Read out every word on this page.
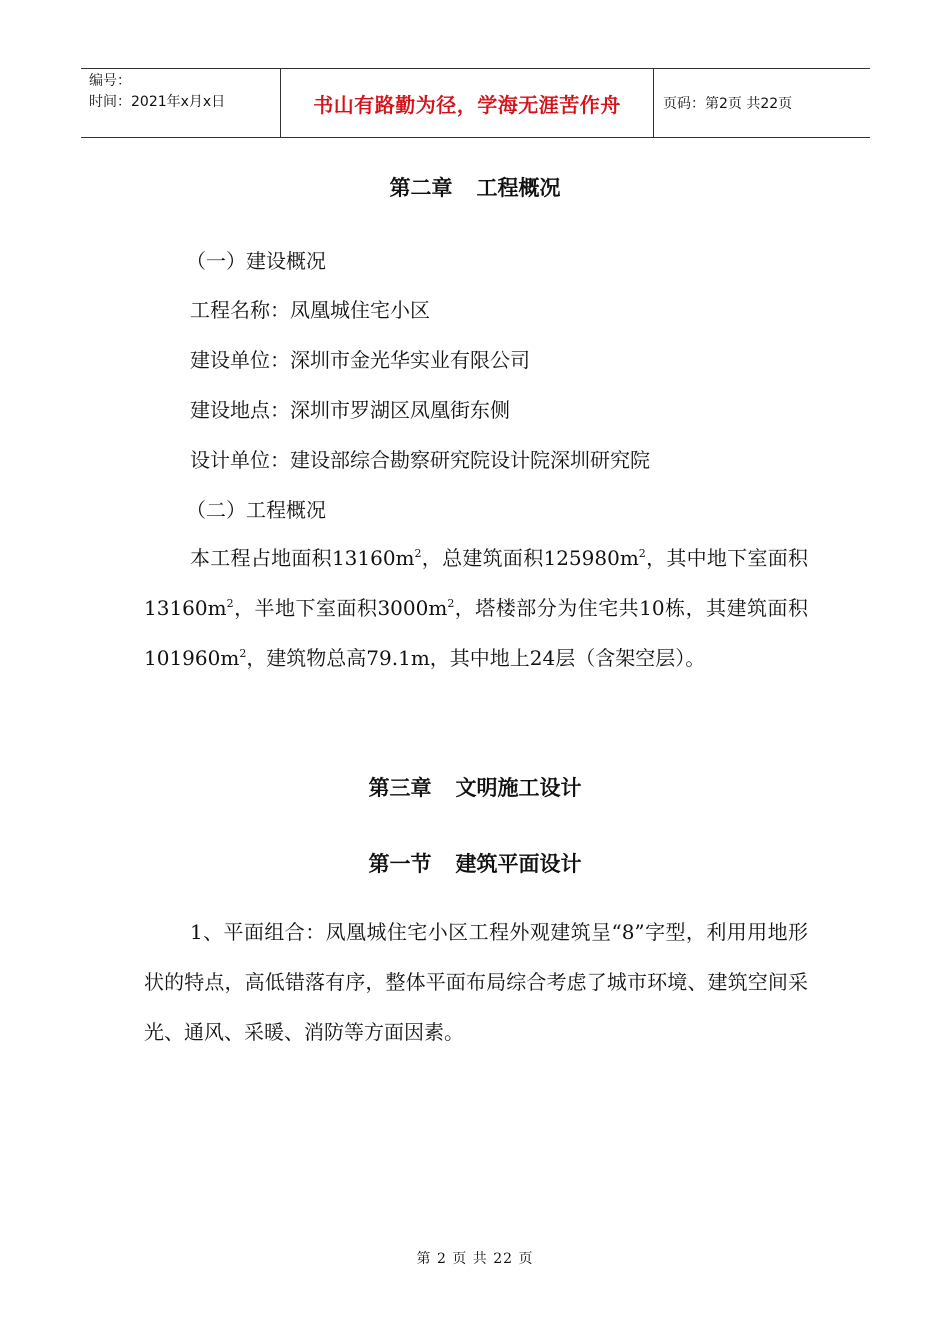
编号：
时间：2021年x月x日	书山有路勤为径，学海无涯苦作舟	页码：第2页 共22页
第二章 工程概况
（一）建设概况
工程名称：凤凰城住宅小区
建设单位：深圳市金光华实业有限公司
建设地点：深圳市罗湖区凤凰街东侧
设计单位：建设部综合勘察研究院设计院深圳研究院
（二）工程概况
本工程占地面积$13160m^2$，总建筑面积$125980m^2$，其中地下室面积$13160m^2$，半地下室面积$3000m^2$，塔楼部分为住宅共10栋，其建筑面积$101960m^2$，建筑物总高79.1m，其中地上24层（含架空层）。
第三章 文明施工设计
第一节 建筑平面设计
1、平面组合：凤凰城住宅小区工程外观建筑呈“8”字型，利用用地形状的特点，高低错落有序，整体平面布局综合考虑了城市环境、建筑空间采光、通风、采暖、消防等方面因素。
第 2 页 共 22 页
